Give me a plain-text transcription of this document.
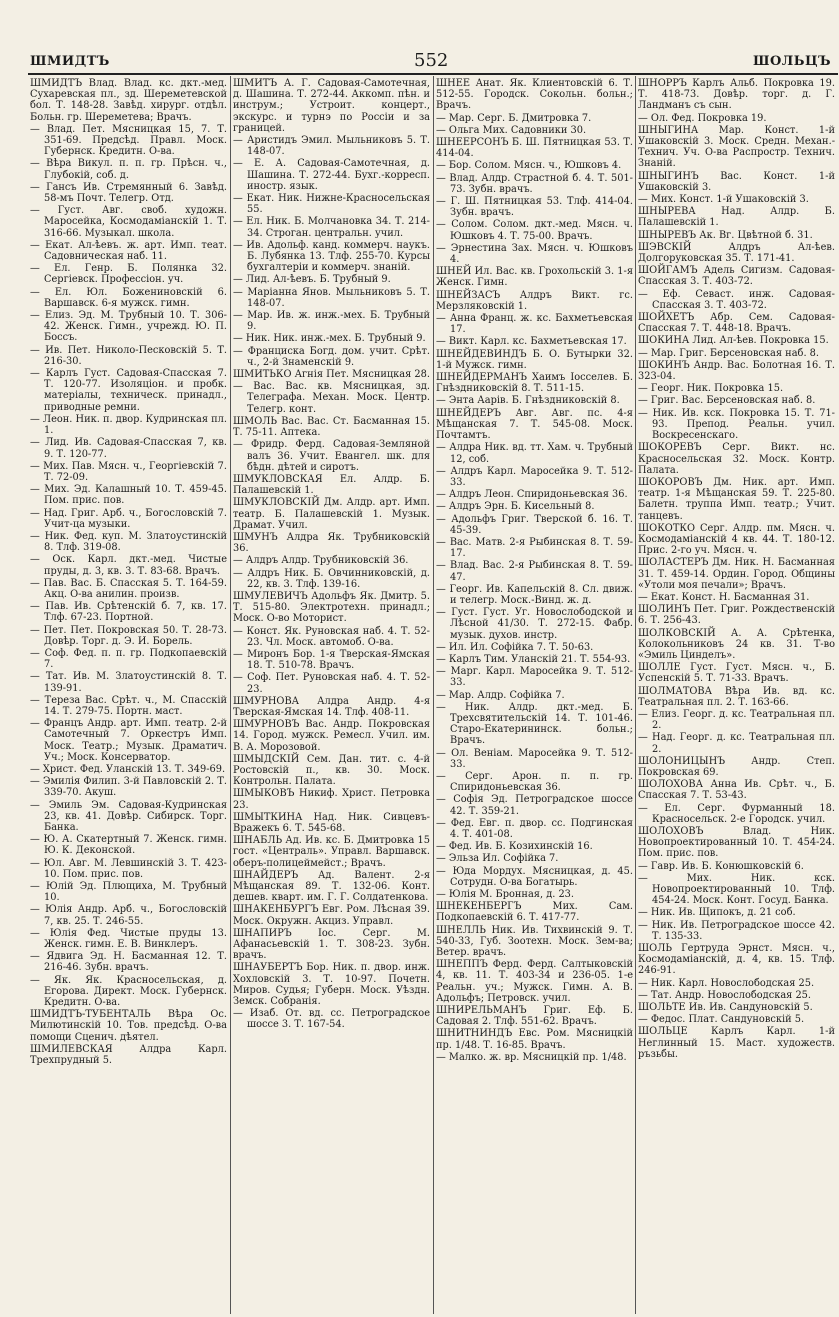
ШМИДТЪ	552	ШОЛЬЦЪ
ШМИДТЪ Влад. Влад. кс. дкт.-мед. Сухаревская пл., зд. Шереметевской бол. Т. 148-28. Завѣд. хирург. отдѣл. Больн. гр. Шереметева; Врачъ.
— Влад. Пет. Мясницкая 15, 7. Т. 351-69. Предсѣд. Правл. Моск. Губернск. Кредитн. О-ва.
— Вѣра Викул. п. п. гр. Прѣсн. ч., Глубокій, соб. д.
— Гансъ Ив. Стремянный 6. Завѣд. 58-мъ Почт. Телегр. Отд.
— Густ. Авг. своб. художн. Маросейка, Космодаміанскій 1. Т. 316-66. Музыкал. школа.
— Екат. Ал-ѣевъ. ж. арт. Имп. теат. Садовническая наб. 11.
— Ел. Генр. Б. Полянка 32. Сергіевск. Профессіон. уч.
— Ел. Юл. Божениновскій 6. Варшавск. 6-я мужск. гимн.
— Елиз. Эд. М. Трубный 10. Т. 306-42. Женск. Гимн., учрежд. Ю. П. Боссъ.
— Ив. Пет. Николо-Песковскій 5. Т. 216-30.
— Карлъ Густ. Садовая-Спасская 7. Т. 120-77. Изоляціон. и пробк. матеріалы, техническ. принадл., приводные ремни.
— Леон. Ник. п. двор. Кудринская пл. 1.
— Лид. Ив. Садовая-Спасская 7, кв. 9. Т. 120-77.
— Мих. Пав. Мясн. ч., Георгіевскій 7. Т. 72-09.
— Мих. Эд. Калашный 10. Т. 459-45. Пом. прис. пов.
— Над. Григ. Арб. ч., Богословскій 7. Учит-ца музыки.
— Ник. Фед. куп. М. Златоустинскій 8. Тлф. 319-08.
— Оск. Карл. дкт.-мед. Чистые пруды, д. 3, кв. 3. Т. 83-68. Врачъ.
— Пав. Вас. Б. Спасская 5. Т. 164-59. Акц. О-ва анилин. произв.
— Пав. Ив. Срѣтенскій б. 7, кв. 17. Тлф. 67-23. Портной.
— Пет. Пет. Покровская 50. Т. 28-73. Довѣр. Торг. д. Э. И. Борель.
— Соф. Фед. п. п. гр. Подкопаевскій 7.
— Тат. Ив. М. Златоустинскій 8. Т. 139-91.
— Тереза Вас. Срѣт. ч., М. Спасскій 14. Т. 279-75. Портн. маст.
— Францъ Андр. арт. Имп. театр. 2-й Самотечный 7. Оркестръ Имп. Моск. Театр.; Музык. Драматич. Уч.; Моск. Консерватор.
— Христ. Фед. Уланскій 13. Т. 349-69.
— Эмилія Филип. 3-й Павловскій 2. Т. 339-70. Акуш.
— Эмиль Эм. Садовая-Кудринская 23, кв. 41. Довѣр. Сибирск. Торг. Банка.
— Ю. А. Скатертный 7. Женск. гимн. Ю. К. Деконской.
— Юл. Авг. М. Левшинскій 3. Т. 423-10. Пом. прис. пов.
— Юлій Эд. Плющиха, М. Трубный 10.
— Юлія Андр. Арб. ч., Богословскій 7, кв. 25. Т. 246-55.
— Юлія Фед. Чистые пруды 13. Женск. гимн. Е. В. Винклеръ.
— Ядвига Эд. Н. Басманная 12. Т. 216-46. Зубн. врачъ.
— Як. Як. Красносельская, д. Егорова. Директ. Моск. Губернск. Кредитн. О-ва.
ШМИДТЪ-ТУБЕНТАЛЬ Вѣра Ос. Милютинскій 10. Тов. предсѣд. О-ва помощи Сценич. дѣятел.
ШМИЛЕВСКАЯ Алдра Карл. Трехпрудный 5.
ШМИТЪ А. Г. Садовая-Самотечная, д. Шашина. Т. 272-44. Аккомп. пѣн. и инструм.; Устроит. концерт., экскурс. и турнэ по Россіи и за границей.
— Аристидъ Эмил. Мыльниковъ 5. Т. 148-07.
— Е. А. Садовая-Самотечная, д. Шашина. Т. 272-44. Бухг.-корресп. иностр. язык.
— Екат. Ник. Нижне-Красносельская 55.
— Ел. Ник. Б. Молчановка 34. Т. 214-34. Строган. центральн. учил.
— Ив. Адольф. канд. коммерч. наукъ. Б. Лубянка 13. Тлф. 255-70. Курсы бухгалтеріи и коммерч. знаній.
— Лид. Ал-ѣевъ. Б. Трубный 9.
— Маріанна Янов. Мыльниковъ 5. Т. 148-07.
— Мар. Ив. ж. инж.-мех. Б. Трубный 9.
— Ник. Ник. инж.-мех. Б. Трубный 9.
— Франциска Богд. дом. учит. Срѣт. ч., 2-й Знаменскій 9.
ШМИТЬКО Агнія Пет. Мясницкая 28.
— Вас. Вас. кв. Мясницкая, зд. Телеграфа. Механ. Моск. Центр. Телегр. конт.
ШМОЛЬ Вас. Вас. Ст. Басманная 15. Т. 75-11. Аптека.
— Фридр. Ферд. Садовая-Земляной валъ 36. Учит. Евангел. шк. для бѣдн. дѣтей и сиротъ.
ШМУКЛОВСКАЯ Ел. Алдр. Б. Палашевскій 1.
ШМУКЛОВСКІЙ Дм. Алдр. арт. Имп. театр. Б. Палашевскій 1. Музык. Драмат. Учил.
ШМУНЪ Алдра Як. Трубниковскій 36.
— Алдръ Алдр. Трубниковскій 36.
— Алдръ Ник. Б. Овчинниковскій, д. 22, кв. 3. Тлф. 139-16.
ШМУЛЕВИЧЪ Адольфъ Як. Дмитр. 5. Т. 515-80. Электротехн. принадл.; Моск. О-во Моторист.
— Конст. Як. Руновская наб. 4. Т. 52-23. Чл. Моск. автомоб. О-ва.
— Миронъ Бор. 1-я Тверская-Ямская 18. Т. 510-78. Врачъ.
— Соф. Пет. Руновская наб. 4. Т. 52-23.
ШМУРНОВА Алдра Андр. 4-я Тверская-Ямская 14. Тлф. 408-11.
ШМУРНОВЪ Вас. Андр. Покровская 14. Город. мужск. Ремесл. Учил. им. В. А. Морозовой.
ШМЫДСКІЙ Сем. Дан. тит. с. 4-й Ростовскій п., кв. 30. Моск. Контрольн. Палата.
ШМЫКОВЪ Никиф. Христ. Петровка 23.
ШМЫТКИНА Над. Ник. Сивцевъ-Вражекъ 6. Т. 545-68.
ШНАБЛЬ Ад. Ив. кс. Б. Дмитровка 15 гост. «Централь». Управл. Варшавск. оберъ-полицеймейст.; Врачъ.
ШНАЙДЕРЪ Ад. Валент. 2-я Мѣщанская 89. Т. 132-06. Конт. дешев. кварт. им. Г. Г. Солдатенкова.
ШНАКЕНБУРГЪ Евг. Ром. Лѣсная 39. Моск. Окружн. Акциз. Управл.
ШНАПИРЪ Іос. Серг. М. Афанасьевскій 1. Т. 308-23. Зубн. врачъ.
ШНАУБЕРТЪ Бор. Ник. п. двор. инж. Хохловскій 3. Т. 10-97. Почетн. Миров. Судья; Губерн. Моск. Уѣздн. Земск. Собранія.
— Изаб. От. вд. сс. Петроградское шоссе 3. Т. 167-54.
ШНЕЕ Анат. Як. Клиентовскій 6. Т. 512-55. Городск. Сокольн. больн.; Врачъ.
— Мар. Серг. Б. Дмитровка 7.
— Ольга Мих. Садовники 30.
ШНЕЕРСОНЪ Б. Ш. Пятницкая 53. Т. 414-04.
— Бор. Солом. Мясн. ч., Юшковъ 4.
— Влад. Алдр. Страстной б. 4. Т. 501-73. Зубн. врачъ.
— Г. Ш. Пятницкая 53. Тлф. 414-04. Зубн. врачъ.
— Солом. Солом. дкт.-мед. Мясн. ч. Юшковъ 4. Т. 75-00. Врачъ.
— Эрнестина Зах. Мясн. ч. Юшковъ 4.
ШНЕЙ Ил. Вас. кв. Грохольскій 3. 1-я Женск. Гимн.
ШНЕЙЗАСЪ Алдръ Викт. гс. Мерзляковскій 1.
— Анна Франц. ж. кс. Бахметьевская 17.
— Викт. Карл. кс. Бахметьевская 17.
ШНЕЙДЕВИНДЪ Б. О. Бутырки 32. 1-й Мужск. гимн.
ШНЕЙДЕРМАНЪ Хаимъ Іосселев. Б. Гнѣздниковскій 8. Т. 511-15.
— Энта Аарів. Б. Гнѣздниковскій 8.
ШНЕЙДЕРЪ Авг. Авг. пс. 4-я Мѣщанская 7. Т. 545-08. Моск. Почтамтъ.
— Алдра Ник. вд. тт. Хам. ч. Трубный 12, соб.
— Алдръ Карл. Маросейка 9. Т. 512-33.
— Алдръ Леон. Спиридоньевская 36.
— Алдръ Эрн. Б. Кисельный 8.
— Адольфъ Григ. Тверской б. 16. Т. 45-39.
— Вас. Матв. 2-я Рыбинская 8. Т. 59-17.
— Влад. Вас. 2-я Рыбинская 8. Т. 59-47.
— Георг. Ив. Капельскій 8. Сл. движ. и телегр. Моск.-Винд. ж. д.
— Густ. Густ. Уг. Новослободской и Лѣсной 41/30. Т. 272-15. Фабр. музык. духов. инстр.
— Ил. Ил. Софійка 7. Т. 50-63.
— Карлъ Тим. Уланскій 21. Т. 554-93.
— Марг. Карл. Маросейка 9. Т. 512-33.
— Мар. Алдр. Софійка 7.
— Ник. Алдр. дкт.-мед. Б. Трехсвятительскій 14. Т. 101-46. Старо-Екатерининск. больн.; Врачъ.
— Ол. Веніам. Маросейка 9. Т. 512-33.
— Серг. Арон. п. п. гр. Спиридоньевская 36.
— Софія Эд. Петроградское шоссе 42. Т. 359-21.
— Фед. Евг. п. двор. сс. Подгинская 4. Т. 401-08.
— Фед. Ив. Б. Козихинскій 16.
— Эльза Ил. Софійка 7.
— Юда Мордух. Мясницкая, д. 45. Сотрудн. О-ва Богатырь.
— Юлія М. Бронная, д. 23.
ШНЕКЕНБЕРГЪ Мих. Сам. Подкопаевскій 6. Т. 417-77.
ШНЕЛЛЬ Ник. Ив. Тихвинскій 9. Т. 540-33, Губ. Зоотехн. Моск. Зем-ва; Ветер. врачъ.
ШНЕППЪ Ферд. Ферд. Салтыковскій 4, кв. 11. Т. 403-34 и 236-05. 1-е Реальн. уч.; Мужск. Гимн. А. В. Адольфъ; Петровск. учил.
ШНИРЕЛЬМАНЪ Григ. Еф. Б. Садовая 2. Тлф. 551-62. Врачъ.
ШНИТНИНДЪ Евс. Ром. Мясницкій пр. 1/48. Т. 16-85. Врачъ.
— Малко. ж. вр. Мясницкій пр. 1/48.
ШНОРРЪ Карлъ Альб. Покровка 19. Т. 418-73. Довѣр. торг. д. Г. Ландманъ съ сын.
— Ол. Фед. Покровка 19.
ШНЫГИНА Мар. Конст. 1-й Ушаковскій 3. Моск. Средн. Механ.-Технич. Уч. О-ва Распростр. Технич. Знаній.
ШНЫГИНЪ Вас. Конст. 1-й Ушаковскій 3.
— Мих. Конст. 1-й Ушаковскій 3.
ШНЫРЕВА Над. Алдр. Б. Палашевскій 1.
ШНЫРЕВЪ Ак. Вг. Цвѣтной б. 31.
ШЭВСКІЙ Алдръ Ал-ѣев. Долгоруковская 35. Т. 171-41.
ШОЙГАМЪ Адель Сигизм. Садовая-Спасская 3. Т. 403-72.
— Еф. Севаст. инж. Садовая-Спасская 3. Т. 403-72.
ШОЙХЕТЪ Абр. Сем. Садовая-Спасская 7. Т. 448-18. Врачъ.
ШОКИНА Лид. Ал-ѣев. Покровка 15.
— Мар. Григ. Берсеновская наб. 8.
ШОКИНЪ Андр. Вас. Болотная 16. Т. 323-04.
— Георг. Ник. Покровка 15.
— Григ. Вас. Берсеновская наб. 8.
— Ник. Ив. кск. Покровка 15. Т. 71-93. Препод. Реальн. учил. Воскресенскаго.
ШОКОРЕВЪ Серг. Викт. нс. Красносельская 32. Моск. Контр. Палата.
ШОКОРОВЪ Дм. Ник. арт. Имп. театр. 1-я Мѣщанская 59. Т. 225-80. Балетн. труппа Имп. театр.; Учит. танцевъ.
ШОКОТКО Серг. Алдр. пм. Мясн. ч. Космодаміанскій 4 кв. 44. Т. 180-12. Прис. 2-го уч. Мясн. ч.
ШОЛАСТЕРЪ Дм. Ник. Н. Басманная 31. Т. 459-14. Ордин. Город. Общины «Утоли моя печали»; Врачъ.
— Екат. Конст. Н. Басманная 31.
ШОЛИНЪ Пет. Григ. Рождественскій 6. Т. 256-43.
ШОЛКОВСКІЙ А. А. Срѣтенка, Колокольниковъ 24 кв. 31. Т-во «Эмиль Цинделъ».
ШОЛЛЕ Густ. Густ. Мясн. ч., Б. Успенскій 5. Т. 71-33. Врачъ.
ШОЛМАТОВА Вѣра Ив. вд. кс. Театральная пл. 2. Т. 163-66.
— Елиз. Георг. д. кс. Театральная пл. 2.
— Над. Георг. д. кс. Театральная пл. 2.
ШОЛОНИЦЫНЪ Андр. Степ. Покровская 69.
ШОЛОХОВА Анна Ив. Срѣт. ч., Б. Спасская 7. Т. 53-43.
— Ел. Серг. Фурманный 18. Красносельск. 2-е Городск. учил.
ШОЛОХОВЪ Влад. Ник. Новопроектированный 10. Т. 454-24. Пом. прис. пов.
— Гавр. Ив. Б. Конюшковскій 6.
— Мих. Ник. кск. Новопроектированный 10. Тлф. 454-24. Моск. Конт. Госуд. Банка.
— Ник. Ив. Щипокъ, д. 21 соб.
— Ник. Ив. Петроградское шоссе 42. Т. 135-33.
ШОЛЬ Гертруда Эрнст. Мясн. ч., Космодаміанскій, д. 4, кв. 15. Тлф. 246-91.
— Ник. Карл. Новослободская 25.
— Тат. Андр. Новослободская 25.
ШОЛЬТЕ Ив. Ив. Сандуновскій 5.
— Федос. Плат. Сандуновскій 5.
ШОЛЬЦЕ Карлъ Карл. 1-й Неглинный 15. Маст. художеств. ръзьбы.
